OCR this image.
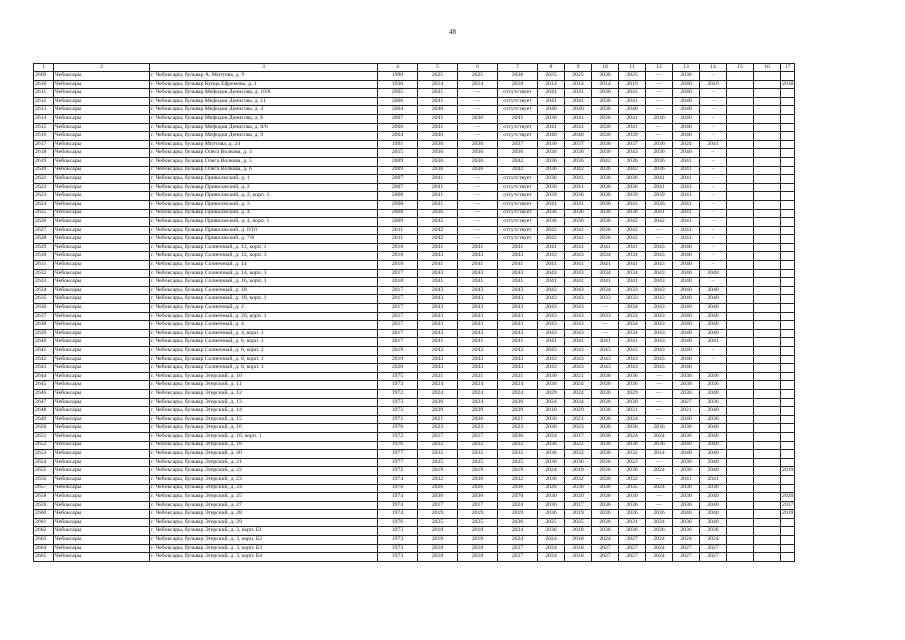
48
1	2	3	4	5	6	7	8	9	10	11	12	13	14	15	16	17
2609	Чебоксары	г. Чебоксары, бульвар А. Миттова, д. 9	1990	2025	2025	2036	2025	2025	2036	2025	—	2036	–			
2610	Чебоксары	г. Чебоксары, бульвар Купца Ефремова, д. 1	1930	2014	2014	2018	2014	2014	2014	2019	—	2040	2019			2018
2611	Чебоксары	г. Чебоксары, бульвар Мефодия Денисова, д. 10/8	2005	2041	—	отсутствует	2041	2041	2036	2041	—	2040	–			
2612	Чебоксары	г. Чебоксары, бульвар Мефодия Денисова, д. 11	2006	2041	—	отсутствует	2041	2041	2036	2041	—	2040	–			
2613	Чебоксары	г. Чебоксары, бульвар Мефодия Денисова, д. 4	2004	2040	—	отсутствует	2040	2040	2036	2040	—	2040	–			
2614	Чебоксары	г. Чебоксары, бульвар Мефодия Денисова, д. 6	2007	2041	2036	2041	2036	2041	2036	2041	2036	2040	–			
2615	Чебоксары	г. Чебоксары, бульвар Мефодия Денисова, д. 8/6	2006	2041	—	отсутствует	2041	2041	2036	2041	—	2040	–			
2616	Чебоксары	г. Чебоксары, бульвар Мефодия Денисова, д. 9	2004	2040	—	отсутствует	2040	2040	2036	2039	—	2040	–			
2617	Чебоксары	г. Чебоксары, бульвар Миттова, д. 24	1991	2036	2036	2037	2036	2037	2036	2037	2036	2024	2041			
2618	Чебоксары	г. Чебоксары, бульвар Олега Волкова, д. 3	2015	2036	2036	2036	2036	2036	2036	2043	2036	2040	–			
2619	Чебоксары	г. Чебоксары, бульвар Олега Волкова, д. 5	2009	2036	2036	2042	2036	2036	2042	2036	2036	2041	–			
2620	Чебоксары	г. Чебоксары, бульвар Олега Волкова, д. 6	2009	2036	2036	2042	2036	2042	2036	2042	2036	2041	–			
2621	Чебоксары	г. Чебоксары, бульвар Приволжский, д. 1	2007	2041	—	отсутствует	2036	2041	2036	2036	2041	2041	–			
2622	Чебоксары	г. Чебоксары, бульвар Приволжский, д. 2	2007	2041	—	отсутствует	2036	2041	2036	2036	2041	2041	–			
2623	Чебоксары	г. Чебоксары, бульвар Приволжский, д. 2, корп. 1	2008	2041	—	отсутствует	2039	2036	2036	2039	2039	2041	–			
2624	Чебоксары	г. Чебоксары, бульвар Приволжский, д. 3	2008	2041	—	отсутствует	2041	2041	2036	2041	2036	2041	–			
2625	Чебоксары	г. Чебоксары, бульвар Приволжский, д. 4	2008	2036	—	отсутствует	2036	2036	2036	2036	2041	2041	–			
2626	Чебоксары	г. Чебоксары, бульвар Приволжский, д. 4, корп. 1	2009	2042	—	отсутствует	2036	2036	2036	2042	2042	2041	–			
2627	Чебоксары	г. Чебоксары, бульвар Приволжский, д. 6/10	2011	2042	—	отсутствует	2042	2042	2036	2042	—	2041	–			
2628	Чебоксары	г. Чебоксары, бульвар Приволжский, д. 7/8	2011	2042	—	отсутствует	2042	2042	2036	2042	—	2041	–			
2629	Чебоксары	г. Чебоксары, бульвар Солнечный, д. 12, корп. 1	2018	2041	2041	2041	2041	2041	2041	2041	2043	2040	–			
2630	Чебоксары	г. Чебоксары, бульвар Солнечный, д. 12, корп. 3	2018	2043	2043	2043	2043	2043	2034	2034	2043	2040	–			
2631	Чебоксары	г. Чебоксары, бульвар Солнечный, д. 14	2018	2041	2041	2041	2041	2041	2041	2041	2043	2040	–			
2632	Чебоксары	г. Чебоксары, бульвар Солнечный, д. 14, корп. 3	2017	2043	2043	2043	2043	2043	2034	2034	2043	2040	2040			
2633	Чебоксары	г. Чебоксары, бульвар Солнечный, д. 16, корп. 1	2018	2041	2041	2041	2041	2041	2041	2041	2043	2040	–			
2634	Чебоксары	г. Чебоксары, бульвар Солнечный, д. 18	2017	2043	2043	2043	2043	2043	2034	2033	2043	2040	2040			
2635	Чебоксары	г. Чебоксары, бульвар Солнечный, д. 18, корп. 1	2017	2043	2043	2043	2043	2043	2033	2033	2043	2040	2040			
2636	Чебоксары	г. Чебоксары, бульвар Солнечный, д. 2	2017	2043	2043	2043	2043	2043	—	2034	2043	2040	2040			
2637	Чебоксары	г. Чебоксары, бульвар Солнечный, д. 20, корп. 1	2017	2043	2043	2043	2043	2043	2033	2033	2043	2040	2040			
2638	Чебоксары	г. Чебоксары, бульвар Солнечный, д. 4	2017	2043	2043	2043	2043	2043	—	2034	2043	2040	2040			
2639	Чебоксары	г. Чебоксары, бульвар Солнечный, д. 4, корп. 1	2017	2043	2043	2043	2043	2043	—	2034	2043	2040	2040			
2640	Чебоксары	г. Чебоксары, бульвар Солнечный, д. 6, корп. 1	2017	2041	2041	2041	2041	2041	2041	2041	2043	2040	2041			
2641	Чебоксары	г. Чебоксары, бульвар Солнечный, д. 6, корп. 2	2019	2043	2043	2043	2043	2043	2043	2043	2043	2040	–			
2642	Чебоксары	г. Чебоксары, бульвар Солнечный, д. 8, корп. 1	2019	2043	2043	2043	2043	2043	2043	2043	2043	2040	–			
2643	Чебоксары	г. Чебоксары, бульвар Солнечный, д. 8, корп. 3	2020	2043	2043	2043	2043	2043	2043	2043	2043	2040				
2644	Чебоксары	г. Чебоксары, бульвар Эгерский, д. 10	1975	2021	2021	2021	2036	2021	2036	2036	—	2036	2036			
2645	Чебоксары	г. Чебоксары, бульвар Эгерский, д. 11	1973	2024	2024	2024	2036	2024	2036	2036	—	2036	2036			
2646	Чебоксары	г. Чебоксары, бульвар Эгерский, д. 12	1972	2024	2024	2024	2029	2024	2036	2029	—	2036	2040			
2647	Чебоксары	г. Чебоксары, бульвар Эгерский, д. 13	1973	2030	2024	2030	2024	2024	2036	2030	—	2027	2036			
2648	Чебоксары	г. Чебоксары, бульвар Эгерский, д. 14	1972	2029	2029	2029	2018	2029	2036	2021	—	2021	2040			
2649	Чебоксары	г. Чебоксары, бульвар Эгерский, д. 15	1972	2021	2036	2021	2036	2021	2036	2024	—	2040	2036			
2650	Чебоксары	г. Чебоксары, бульвар Эгерский, д. 16	1976	2023	2023	2023	2036	2023	2036	2036	2036	2036	2040			
2651	Чебоксары	г. Чебоксары, бульвар Эгерский, д. 16, корп. 1	1972	2017	2017	2036	2024	2017	2036	2024	2024	2036	2040			
2652	Чебоксары	г. Чебоксары, бульвар Эгерский, д. 18	1976	2022	2022	2022	2036	2022	2036	2036	2036	2040	2040			
2653	Чебоксары	г. Чебоксары, бульвар Эгерский, д. 20	1977	2032	2032	2032	2036	2032	2036	2032	2014	2040	2040			
2654	Чебоксары	г. Чебоксары, бульвар Эгерский, д. 21	1977	2025	2025	2025	2036	2036	2036	2023	—	2036	2040			
2655	Чебоксары	г. Чебоксары, бульвар Эгерский, д. 22	1972	2019	2019	2019	2024	2019	2036	2036	2024	2036	2040			2019
2656	Чебоксары	г. Чебоксары, бульвар Эгерский, д. 23	1974	2032	2036	2032	2036	2032	2036	2032	—	2041	2041			
2657	Чебоксары	г. Чебоксары, бульвар Эгерский, д. 24	1978	2026	2026	2036	2026	2036	2036	2035	2024	2036	2036			
2658	Чебоксары	г. Чебоксары, бульвар Эгерский, д. 25	1974	2036	2030	2070	2030	2020	2036	2030	—	2030	2040			2020
2659	Чебоксары	г. Чебоксары, бульвар Эгерский, д. 27	1974	2017	2017	2024	2036	2017	2036	2036	—	2036	2040			2017
2660	Чебоксары	г. Чебоксары, бульвар Эгерский, д. 28	1974	2019	2019	2019	2036	2019	2036	2036	2036	2040	2040			2019
2661	Чебоксары	г. Чебоксары, бульвар Эгерский, д. 29	1976	2025	2025	2036	2025	2025	2036	2031	2024	2036	2040			
2662	Чебоксары	г. Чебоксары, бульвар Эгерский, д. 3, корп. Б1	1973	2018	2018	2024	2036	2018	2036	2036	2036	2036	2036			
2663	Чебоксары	г. Чебоксары, бульвар Эгерский, д. 3, корп. Б2	1973	2018	2018	2024	2024	2018	2024	2027	2024	2024	2024			
2664	Чебоксары	г. Чебоксары, бульвар Эгерский, д. 3, корп. Б3	1973	2018	2018	2027	2024	2018	2027	2027	2024	2027	2027			
2665	Чебоксары	г. Чебоксары, бульвар Эгерский, д. 3, корп. Б4	1973	2018	2018	2027	2024	2018	2027	2027	2024	2027	2027			
